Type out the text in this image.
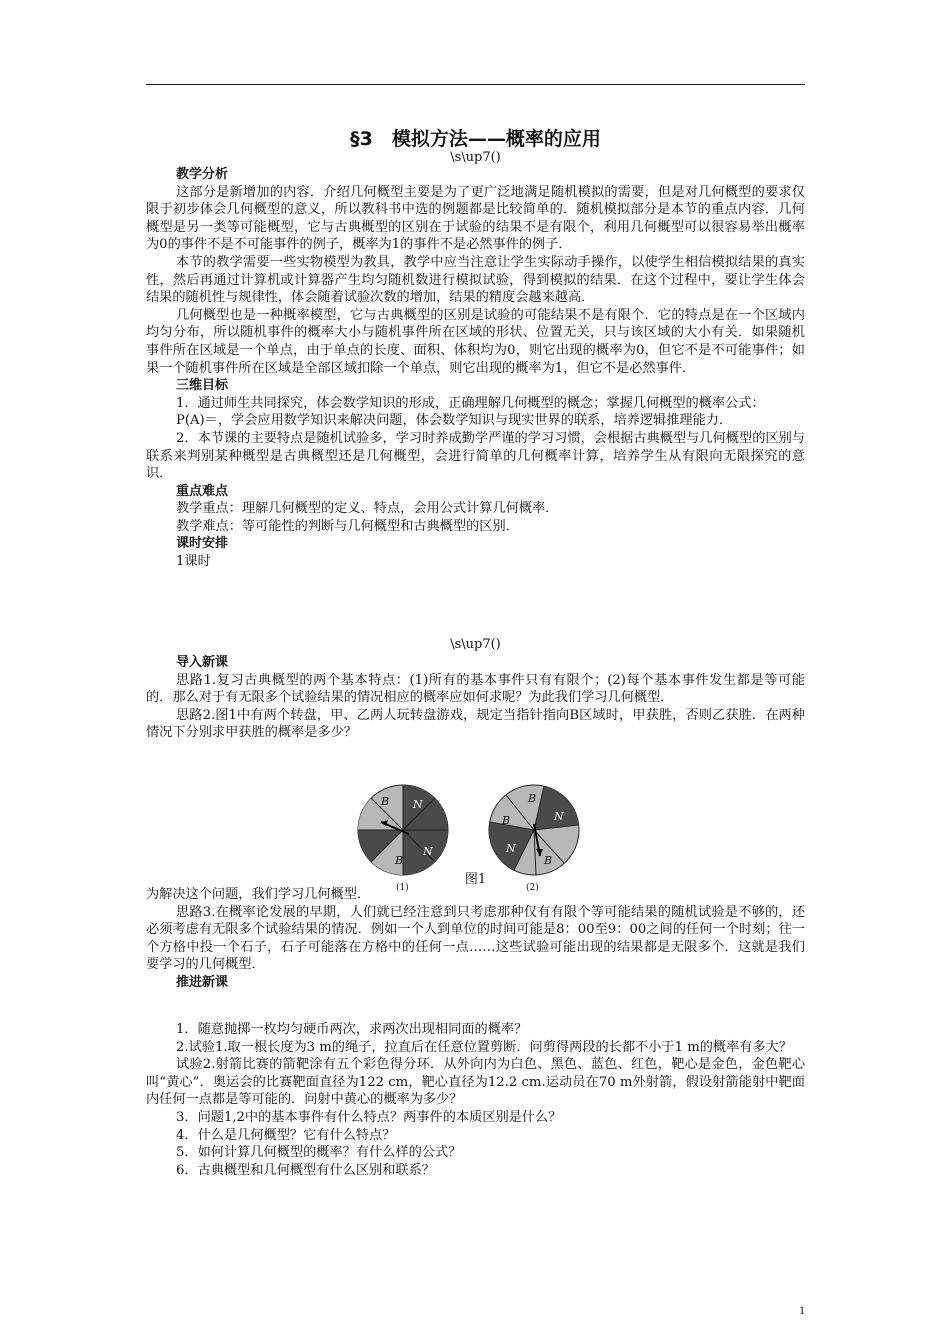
§3　模拟方法——概率的应用
\s\up7()
教学分析
这部分是新增加的内容．介绍几何概型主要是为了更广泛地满足随机模拟的需要，但是对几何概型的要求仅限于初步体会几何概型的意义，所以教科书中选的例题都是比较简单的．随机模拟部分是本节的重点内容．几何概型是另一类等可能概型，它与古典概型的区别在于试验的结果不是有限个，利用几何概型可以很容易举出概率为0的事件不是不可能事件的例子，概率为1的事件不是必然事件的例子．
本节的教学需要一些实物模型为教具，教学中应当注意让学生实际动手操作，以使学生相信模拟结果的真实性，然后再通过计算机或计算器产生均匀随机数进行模拟试验，得到模拟的结果．在这个过程中，要让学生体会结果的随机性与规律性，体会随着试验次数的增加，结果的精度会越来越高．
几何概型也是一种概率模型，它与古典概型的区别是试验的可能结果不是有限个．它的特点是在一个区域内均匀分布，所以随机事件的概率大小与随机事件所在区域的形状、位置无关，只与该区域的大小有关．如果随机事件所在区域是一个单点，由于单点的长度、面积、体积均为0，则它出现的概率为0，但它不是不可能事件；如果一个随机事件所在区域是全部区域扣除一个单点，则它出现的概率为1，但它不是必然事件．
三维目标
1．通过师生共同探究，体会数学知识的形成，正确理解几何概型的概念；掌握几何概型的概率公式：
P(A)＝，学会应用数学知识来解决问题，体会数学知识与现实世界的联系，培养逻辑推理能力．
2．本节课的主要特点是随机试验多，学习时养成勤学严谨的学习习惯，会根据古典概型与几何概型的区别与联系来判别某种概型是古典概型还是几何概型，会进行简单的几何概率计算，培养学生从有限向无限探究的意识．
重点难点
教学重点：理解几何概型的定义、特点，会用公式计算几何概率．
教学难点：等可能性的判断与几何概型和古典概型的区别．
课时安排
1课时
\s\up7()
导入新课
思路1.复习古典概型的两个基本特点：(1)所有的基本事件只有有限个；(2)每个基本事件发生都是等可能的．那么对于有无限多个试验结果的情况相应的概率应如何求呢？为此我们学习几何概型．
思路2.图1中有两个转盘，甲、乙两人玩转盘游戏，规定当指针指向B区域时，甲获胜，否则乙获胜．在两种情况下分别求甲获胜的概率是多少？
B N
B
N
(1)
B
N
B
N
B
(2)
图1
为解决这个问题，我们学习几何概型．
思路3.在概率论发展的早期，人们就已经注意到只考虑那种仅有有限个等可能结果的随机试验是不够的，还必须考虑有无限多个试验结果的情况．例如一个人到单位的时间可能是8：00至9：00之间的任何一个时刻；往一个方格中投一个石子，石子可能落在方格中的任何一点……这些试验可能出现的结果都是无限多个．这就是我们要学习的几何概型．
推进新课
1．随意抛掷一枚均匀硬币两次，求两次出现相同面的概率？
2.试验1.取一根长度为3 m的绳子，拉直后在任意位置剪断．问剪得两段的长都不小于1 m的概率有多大？
试验2.射箭比赛的箭靶涂有五个彩色得分环．从外向内为白色、黑色、蓝色、红色，靶心是金色，金色靶心叫“黄心”．奥运会的比赛靶面直径为122 cm，靶心直径为12.2 cm.运动员在70 m外射箭，假设射箭能射中靶面内任何一点都是等可能的．问射中黄心的概率为多少？
3．问题1,2中的基本事件有什么特点？两事件的本质区别是什么？
4．什么是几何概型？它有什么特点？
5．如何计算几何概型的概率？有什么样的公式？
6．古典概型和几何概型有什么区别和联系？
1
